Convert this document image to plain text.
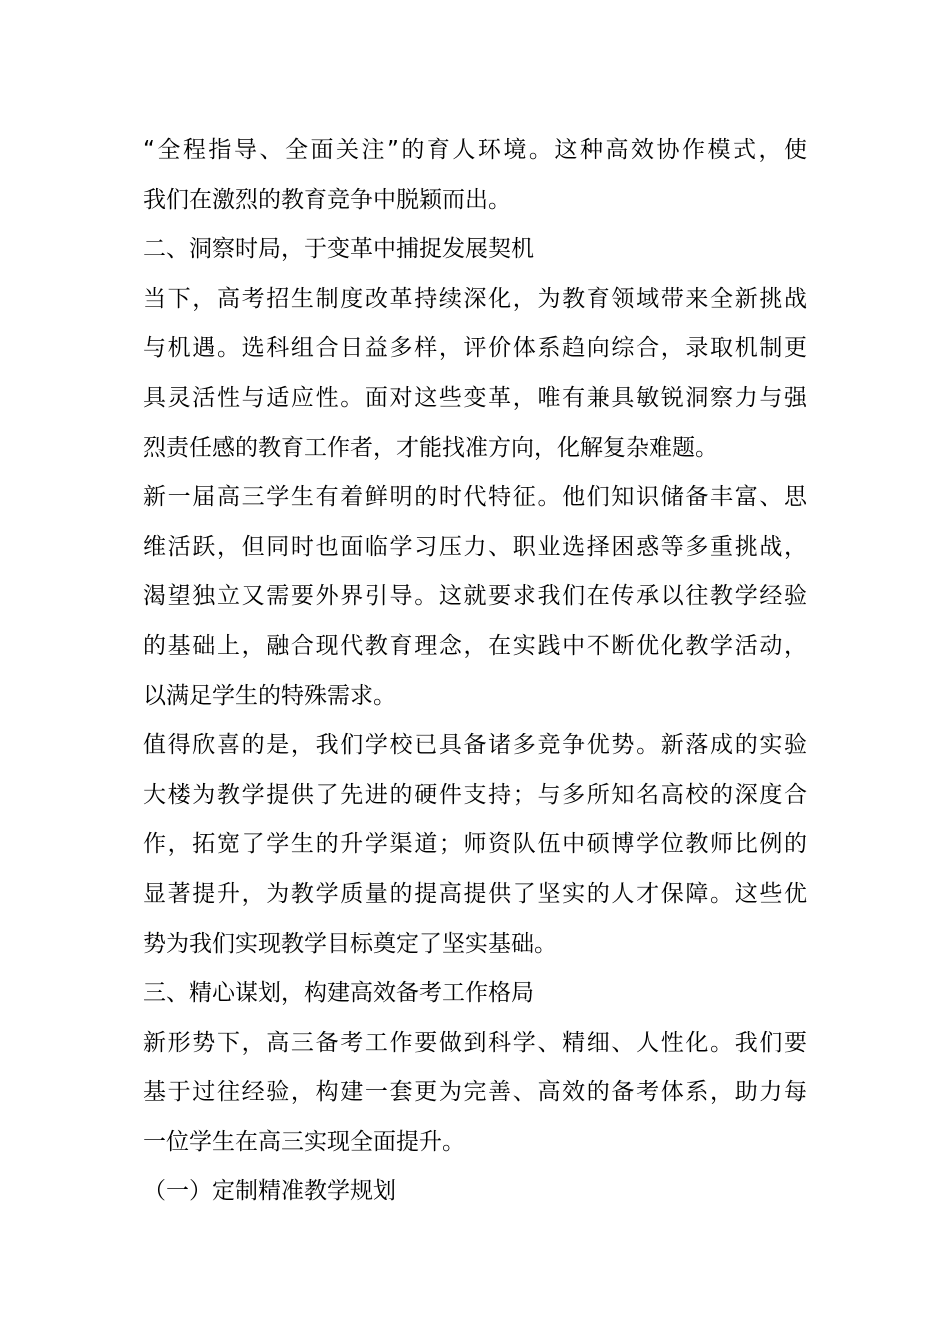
“全程指导、全面关注”的育人环境。这种高效协作模式，使
我们在激烈的教育竞争中脱颖而出。
二、洞察时局，于变革中捕捉发展契机
当下，高考招生制度改革持续深化，为教育领域带来全新挑战
与机遇。选科组合日益多样，评价体系趋向综合，录取机制更
具灵活性与适应性。面对这些变革，唯有兼具敏锐洞察力与强
烈责任感的教育工作者，才能找准方向，化解复杂难题。
新一届高三学生有着鲜明的时代特征。他们知识储备丰富、思
维活跃，但同时也面临学习压力、职业选择困惑等多重挑战，
渴望独立又需要外界引导。这就要求我们在传承以往教学经验
的基础上，融合现代教育理念，在实践中不断优化教学活动，
以满足学生的特殊需求。
值得欣喜的是，我们学校已具备诸多竞争优势。新落成的实验
大楼为教学提供了先进的硬件支持；与多所知名高校的深度合
作，拓宽了学生的升学渠道；师资队伍中硕博学位教师比例的
显著提升，为教学质量的提高提供了坚实的人才保障。这些优
势为我们实现教学目标奠定了坚实基础。
三、精心谋划，构建高效备考工作格局
新形势下，高三备考工作要做到科学、精细、人性化。我们要
基于过往经验，构建一套更为完善、高效的备考体系，助力每
一位学生在高三实现全面提升。
（一）定制精准教学规划
